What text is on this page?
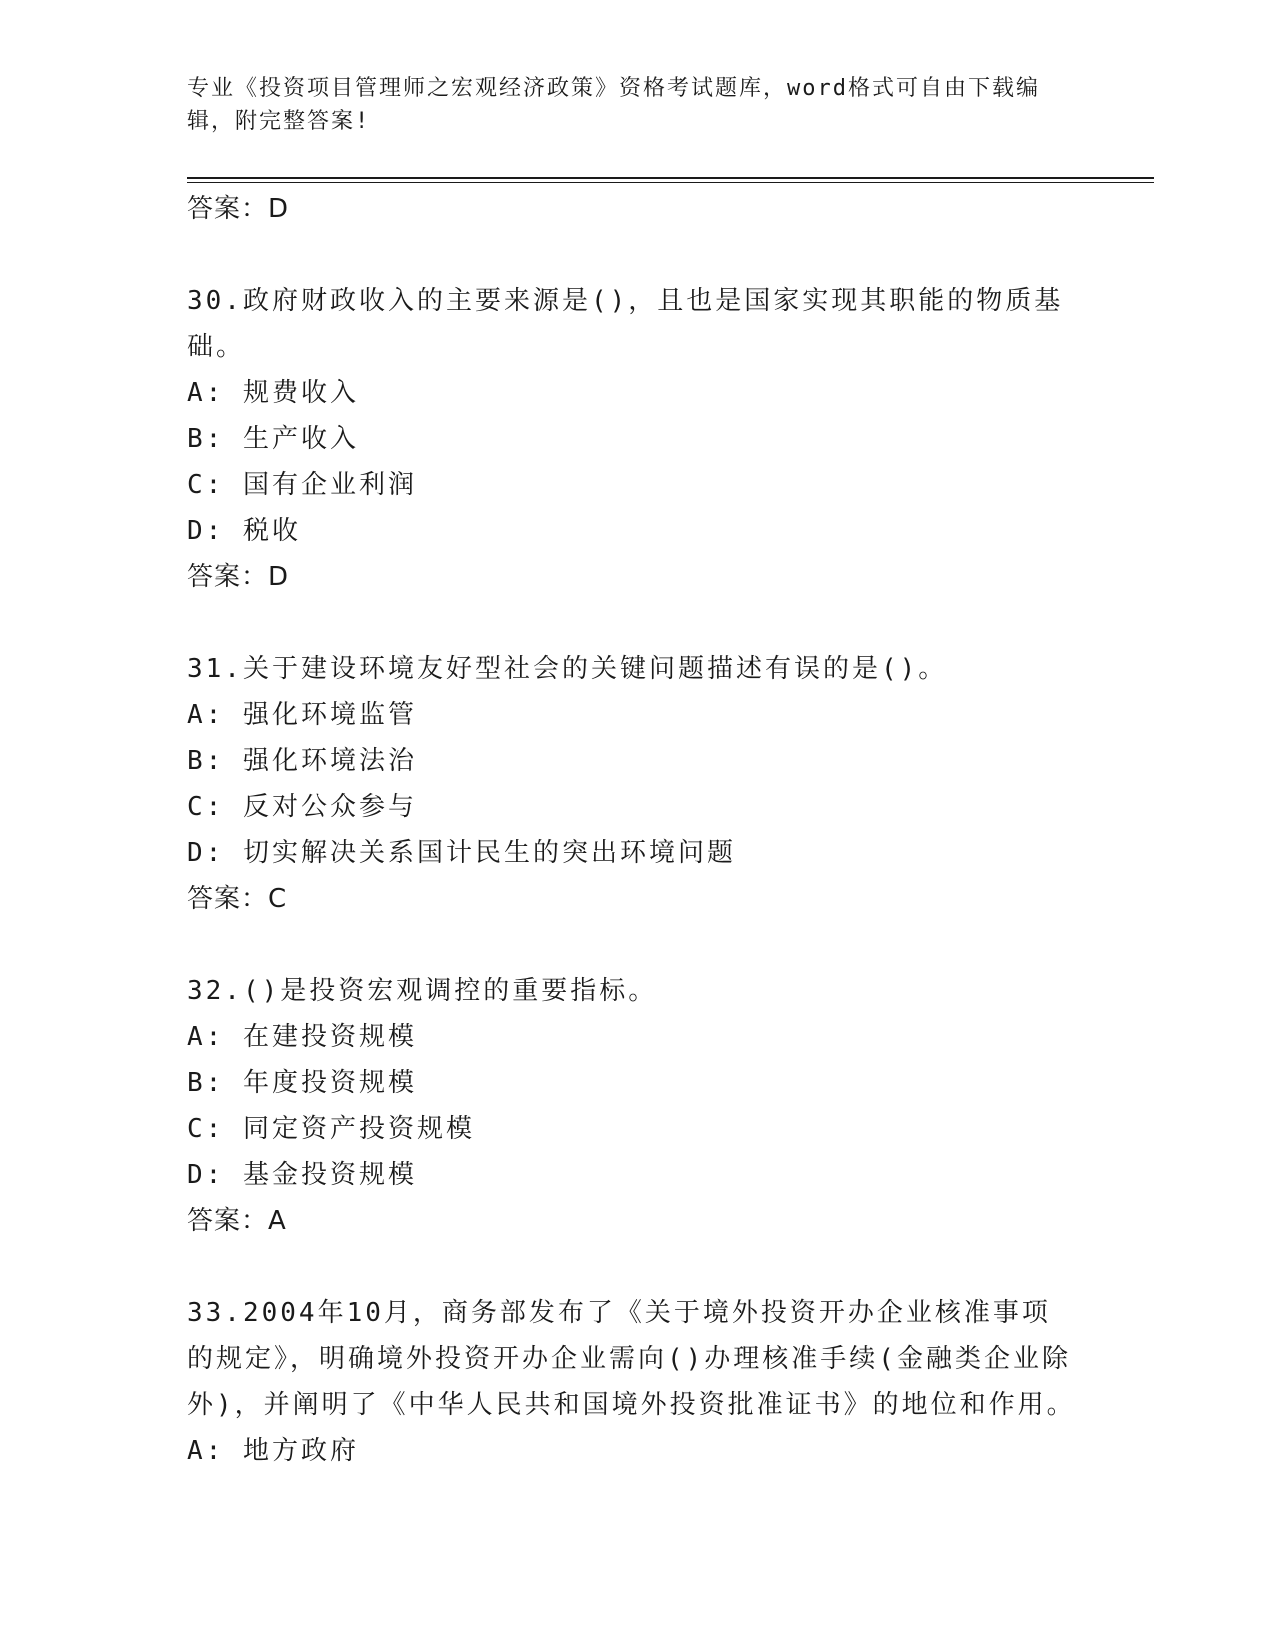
专业《投资项目管理师之宏观经济政策》资格考试题库，word格式可自由下载编辑，附完整答案!
答案：D
30.政府财政收入的主要来源是()，且也是国家实现其职能的物质基础。
A: 规费收入
B: 生产收入
C: 国有企业利润
D: 税收
答案：D
31.关于建设环境友好型社会的关键问题描述有误的是()。
A: 强化环境监管
B: 强化环境法治
C: 反对公众参与
D: 切实解决关系国计民生的突出环境问题
答案：C
32.()是投资宏观调控的重要指标。
A: 在建投资规模
B: 年度投资规模
C: 同定资产投资规模
D: 基金投资规模
答案：A
33.2004年10月，商务部发布了《关于境外投资开办企业核准事项的规定》，明确境外投资开办企业需向()办理核准手续(金融类企业除外)，并阐明了《中华人民共和国境外投资批准证书》的地位和作用。
A: 地方政府
